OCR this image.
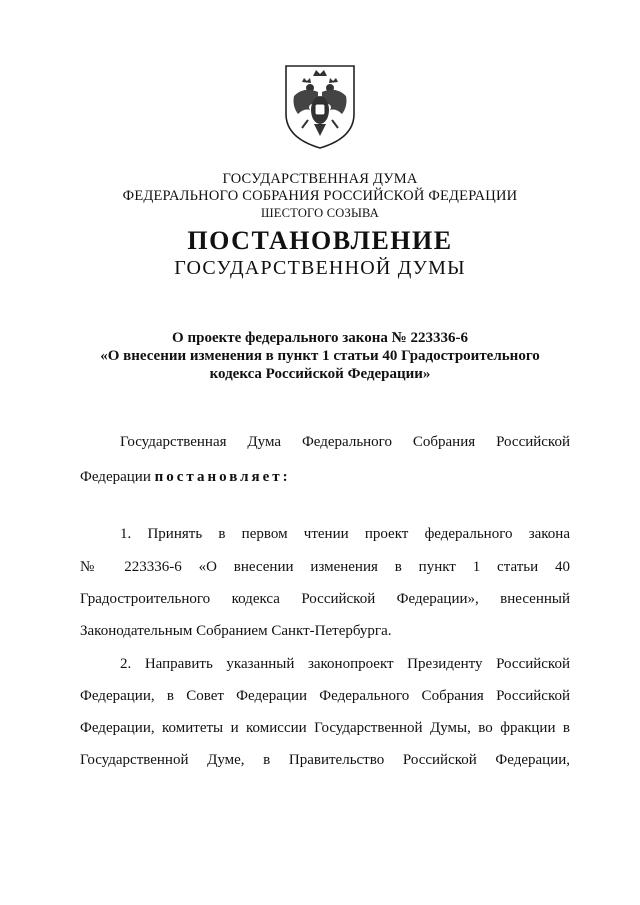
ГОСУДАРСТВЕННАЯ ДУМА
ФЕДЕРАЛЬНОГО СОБРАНИЯ РОССИЙСКОЙ ФЕДЕРАЦИИ
ШЕСТОГО СОЗЫВА
ПОСТАНОВЛЕНИЕ
ГОСУДАРСТВЕННОЙ ДУМЫ
О проекте федерального закона № 223336-6
«О внесении изменения в пункт 1 статьи 40 Градостроительного
кодекса Российской Федерации»
Государственная Дума Федерального Собрания Российской
Федерации постановляет:
1. Принять в первом чтении проект федерального закона
№ 223336-6 «О внесении изменения в пункт 1 статьи 40
Градостроительного кодекса Российской Федерации», внесенный
Законодательным Собранием Санкт-Петербурга.
2. Направить указанный законопроект Президенту Российской
Федерации, в Совет Федерации Федерального Собрания Российской
Федерации, комитеты и комиссии Государственной Думы, во фракции в
Государственной Думе, в Правительство Российской Федерации,
